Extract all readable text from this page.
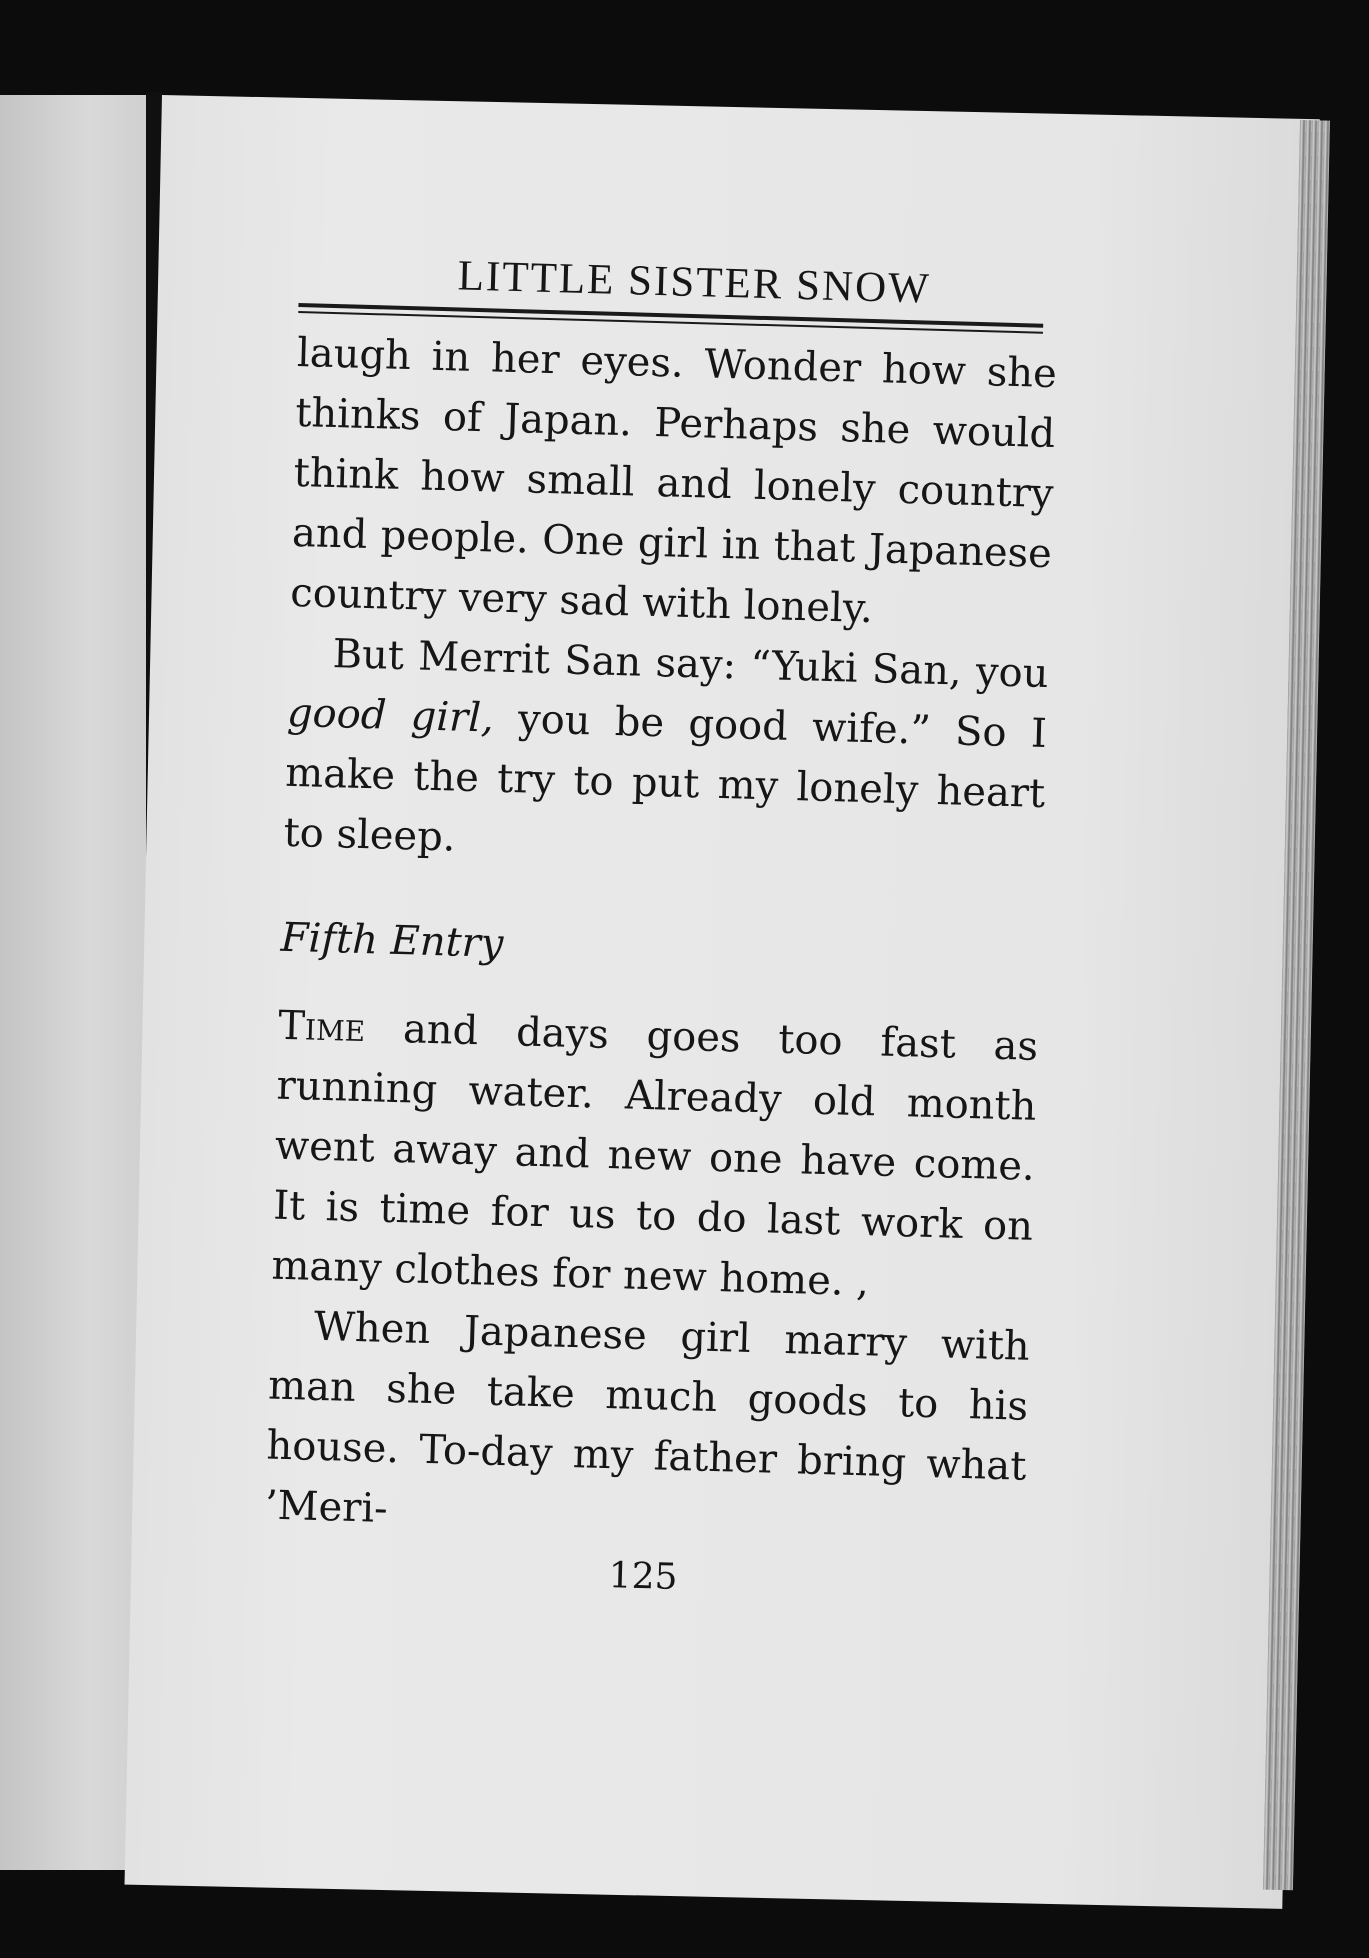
LITTLE SISTER SNOW

laugh in her eyes. Wonder how she thinks of Japan. Perhaps she would think how small and lonely country and people. One girl in that Japanese country very sad with lonely.

But Merrit San say: “Yuki San, you good girl, you be good wife.” So I make the try to put my lonely heart to sleep.

Fifth Entry

Time and days goes too fast as running water. Already old month went away and new one have come. It is time for us to do last work on many clothes for new home. ,

When Japanese girl marry with man she take much goods to his house. To-day my father bring what ’Meri-

125
